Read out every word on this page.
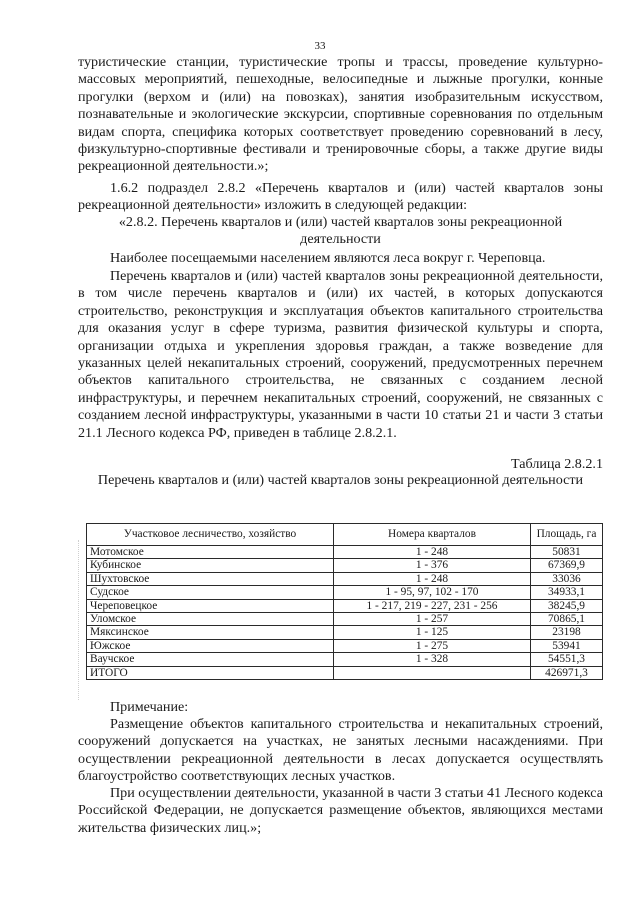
33

туристические станции, туристические тропы и трассы, проведение культурно-массовых мероприятий, пешеходные, велосипедные и лыжные прогулки, конные прогулки (верхом и (или) на повозках), занятия изобразительным искусством, познавательные и экологические экскурсии, спортивные соревнования по отдельным видам спорта, специфика которых соответствует проведению соревнований в лесу, физкультурно-спортивные фестивали и тренировочные сборы, а также другие виды рекреационной деятельности.»;

1.6.2 подраздел 2.8.2 «Перечень кварталов и (или) частей кварталов зоны рекреационной деятельности» изложить в следующей редакции:

«2.8.2. Перечень кварталов и (или) частей кварталов зоны рекреационной деятельности

Наиболее посещаемыми населением являются леса вокруг г. Череповца.

Перечень кварталов и (или) частей кварталов зоны рекреационной деятельности, в том числе перечень кварталов и (или) их частей, в которых допускаются строительство, реконструкция и эксплуатация объектов капитального строительства для оказания услуг в сфере туризма, развития физической культуры и спорта, организации отдыха и укрепления здоровья граждан, а также возведение для указанных целей некапитальных строений, сооружений, предусмотренных перечнем объектов капитального строительства, не связанных с созданием лесной инфраструктуры, и перечнем некапитальных строений, сооружений, не связанных с созданием лесной инфраструктуры, указанными в части 10 статьи 21 и части 3 статьи 21.1 Лесного кодекса РФ, приведен в таблице 2.8.2.1.

Таблица 2.8.2.1

Перечень кварталов и (или) частей кварталов зоны рекреационной деятельности

Участковое лесничество, хозяйство	Номера кварталов	Площадь, га
Мотомское	1 - 248	50831
Кубинское	1 - 376	67369,9
Шухтовское	1 - 248	33036
Судское	1 - 95, 97, 102 - 170	34933,1
Череповецкое	1 - 217, 219 - 227, 231 - 256	38245,9
Уломское	1 - 257	70865,1
Мяксинское	1 - 125	23198
Южское	1 - 275	53941
Ваучское	1 - 328	54551,3
ИТОГО		426971,3

Примечание:

Размещение объектов капитального строительства и некапитальных строений, сооружений допускается на участках, не занятых лесными насаждениями. При осуществлении рекреационной деятельности в лесах допускается осуществлять благоустройство соответствующих лесных участков.

При осуществлении деятельности, указанной в части 3 статьи 41 Лесного кодекса Российской Федерации, не допускается размещение объектов, являющихся местами жительства физических лиц.»;
